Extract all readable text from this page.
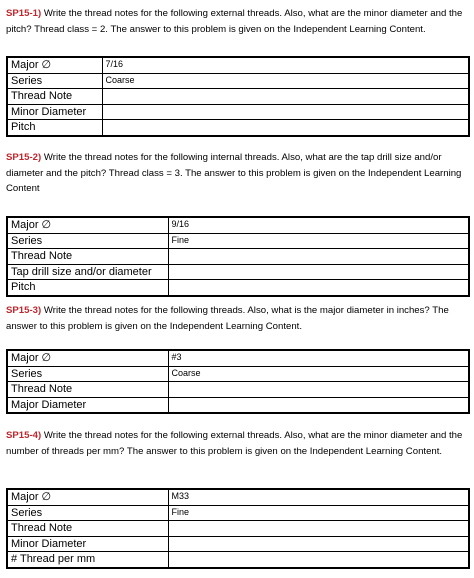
SP15-1) Write the thread notes for the following external threads. Also, what are the minor diameter and the pitch? Thread class = 2. The answer to this problem is given on the Independent Learning Content.

Major ∅	7/16
Series	Coarse
Thread Note	
Minor Diameter	
Pitch	

SP15-2) Write the thread notes for the following internal threads. Also, what are the tap drill size and/or diameter and the pitch? Thread class = 3. The answer to this problem is given on the Independent Learning Content

Major ∅	9/16
Series	Fine
Thread Note	
Tap drill size and/or diameter	
Pitch	

SP15-3) Write the thread notes for the following threads. Also, what is the major diameter in inches? The answer to this problem is given on the Independent Learning Content.

Major ∅	#3
Series	Coarse
Thread Note	
Major Diameter	

SP15-4) Write the thread notes for the following external threads. Also, what are the minor diameter and the number of threads per mm? The answer to this problem is given on the Independent Learning Content.

Major ∅	M33
Series	Fine
Thread Note	
Minor Diameter	
# Thread per mm	
